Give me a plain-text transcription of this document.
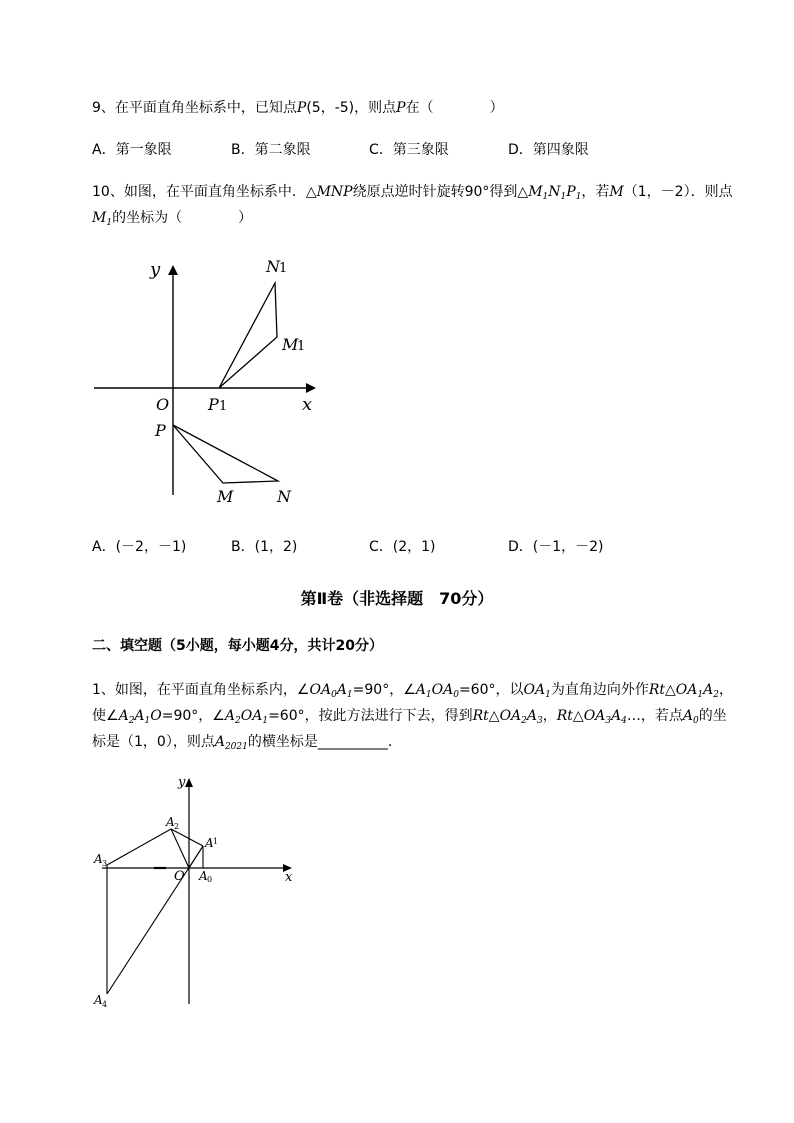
9、在平面直角坐标系中，已知点P(5，-5)，则点P在（　　　　	）
A．第一象限	B．第二象限	C．第三象限	D．第四象限
10、如图，在平面直角坐标系中．△MNP绕原点逆时针旋转90°得到$\triangle M_1N_1P_1$，若M（1，－2）．则点
$M_1$的坐标为（　　　　）
y
x
O
N 1
M
1
P 1
P
M	N
A．(－2，－1)	B．(1，2)	C．(2，1)	D．(－1，－2)
第Ⅱ卷（非选择题　70分）
二、填空题（5小题，每小题4分，共计20分）
1、如图，在平面直角坐标系内，$\angle OA_0A_1=90^\circ$，$\angle A_1OA_0=60^\circ$，以$OA_1$为直角边向外作$Rt\triangle OA_1A_2$，
使$\angle A_2A_1O=90^\circ$，$\angle A_2OA_1=60^\circ$，按此方法进行下去，得到$Rt\triangle OA_2A_3$，$Rt\triangle OA_3A_4\dots$，若点$A_0$的坐
标是（1，0），则点$A_{2021}$的横坐标是__________.
y
x
O A 0
A 1
A 2
A 3
A 4
